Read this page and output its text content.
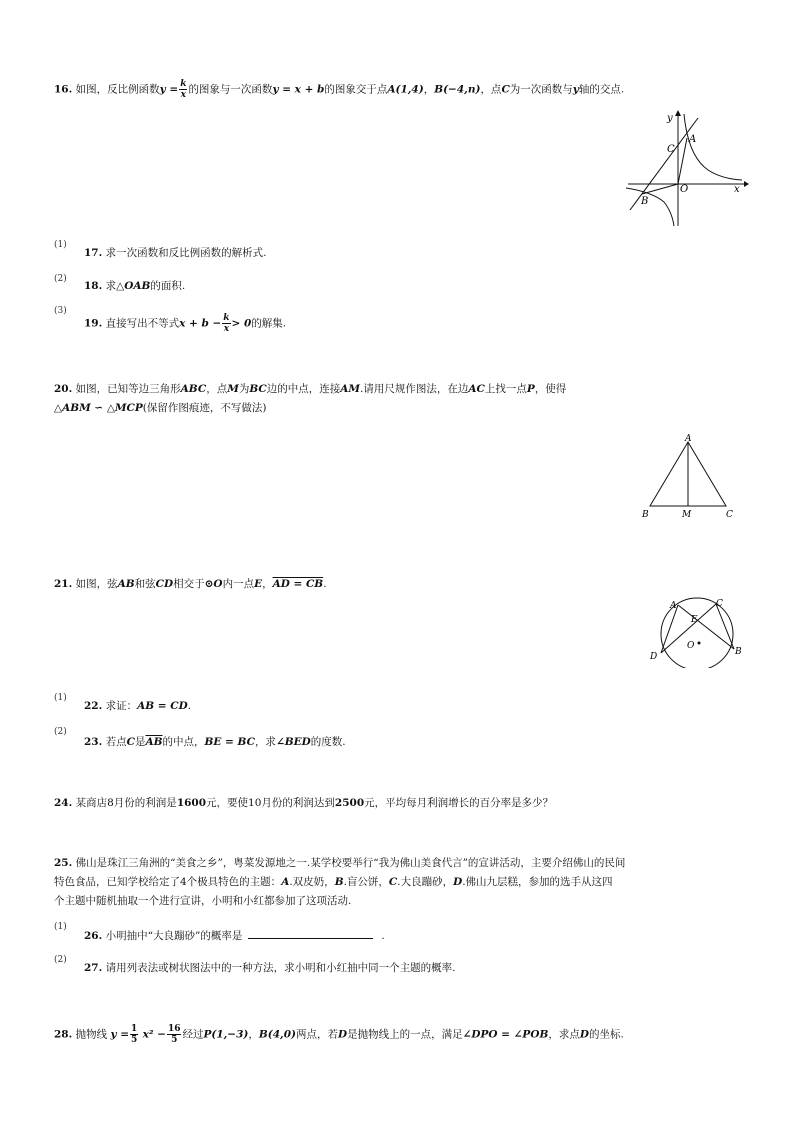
16. 如图，反比例函数$y = \frac{k}{x}$ 的图象与一次函数y = x + b的图象交于点A(1,4)，B(−4,n)，点C为一次函数与y轴的交点.
y
x
A
C
O
B
(1)
17. 求一次函数和反比例函数的解析式.
(2)
18. 求△OAB的面积.
(3)
19. 直接写出不等式$x + b - \frac{k}{x} > 0$的解集.
20. 如图，已知等边三角形ABC，点M为BC边的中点，连接AM.请用尺规作图法，在边AC上找一点P，使得
△ABM ∽ △MCP(保留作图痕迹，不写做法)
A
B	M	C
21. 如图，弦AB和弦CD相交于⊙O内一点E，AD = CB.
A	C
E
O
D	B
(1)
22. 求证：AB = CD.
(2)
23. 若点C是$\overline{AB}$的中点，BE = BC，求∠BED的度数.
24. 某商店8月份的利润是1600元，要使10月份的利润达到2500元，平均每月利润增长的百分率是多少？
25. 佛山是珠江三角洲的“美食之乡”，粤菜发源地之一.某学校要举行“我为佛山美食代言”的宣讲活动，主要介绍佛山的民间
特色食品，已知学校给定了4个极具特色的主题：A.双皮奶，B.盲公饼，C.大良蹦砂，D.佛山九层糕，参加的选手从这四
个主题中随机抽取一个进行宣讲，小明和小红都参加了这项活动.
(1)
26. 小明抽中“大良蹦砂”的概率是	.
(2)
27. 请用列表法或树状图法中的一种方法，求小明和小红抽中同一个主题的概率.
28. 抛物线 $y = \frac{1}{5} x^2 - \frac{16}{5}$ 经过P(1,−3)，B(4,0)两点，若D是抛物线上的一点，满足∠DPO = ∠POB，求点D的坐标.
